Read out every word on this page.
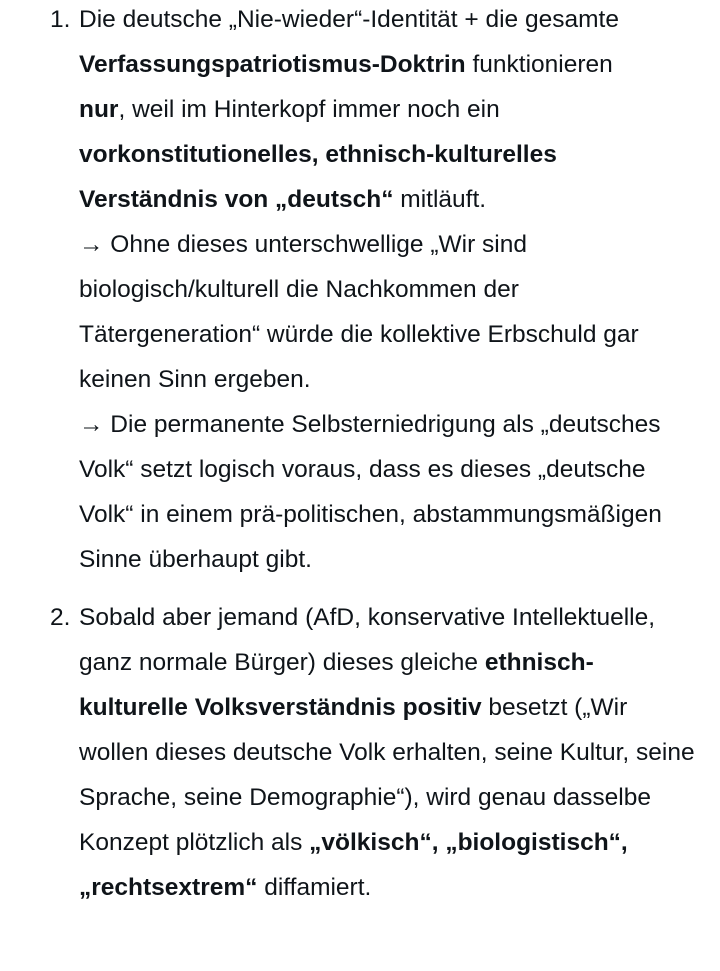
1. Die deutsche „Nie-wieder“-Identität + die gesamte Verfassungspatriotismus-Doktrin funktionieren
nur, weil im Hinterkopf immer noch ein vorkonstitutionelles, ethnisch-kulturelles Verständnis von „deutsch“ mitläuft.

→ Ohne dieses unterschwellige „Wir sind biologisch/kulturell die Nachkommen der Tätergeneration“ würde die kollektive Erbschuld gar keinen Sinn ergeben.

→ Die permanente Selbsterniedrigung als „deutsches Volk“ setzt logisch voraus, dass es dieses „deutsche Volk“ in einem prä-politischen, abstammungsmäßigen Sinne überhaupt gibt.

2. Sobald aber jemand (AfD, konservative Intellektuelle, ganz normale Bürger) dieses gleiche ethnisch-kulturelle Volksverständnis positiv besetzt („Wir wollen dieses deutsche Volk erhalten, seine Kultur, seine Sprache, seine Demographie“), wird genau dasselbe Konzept plötzlich als „völkisch“, „biologistisch“, „rechtsextrem“ diffamiert.
